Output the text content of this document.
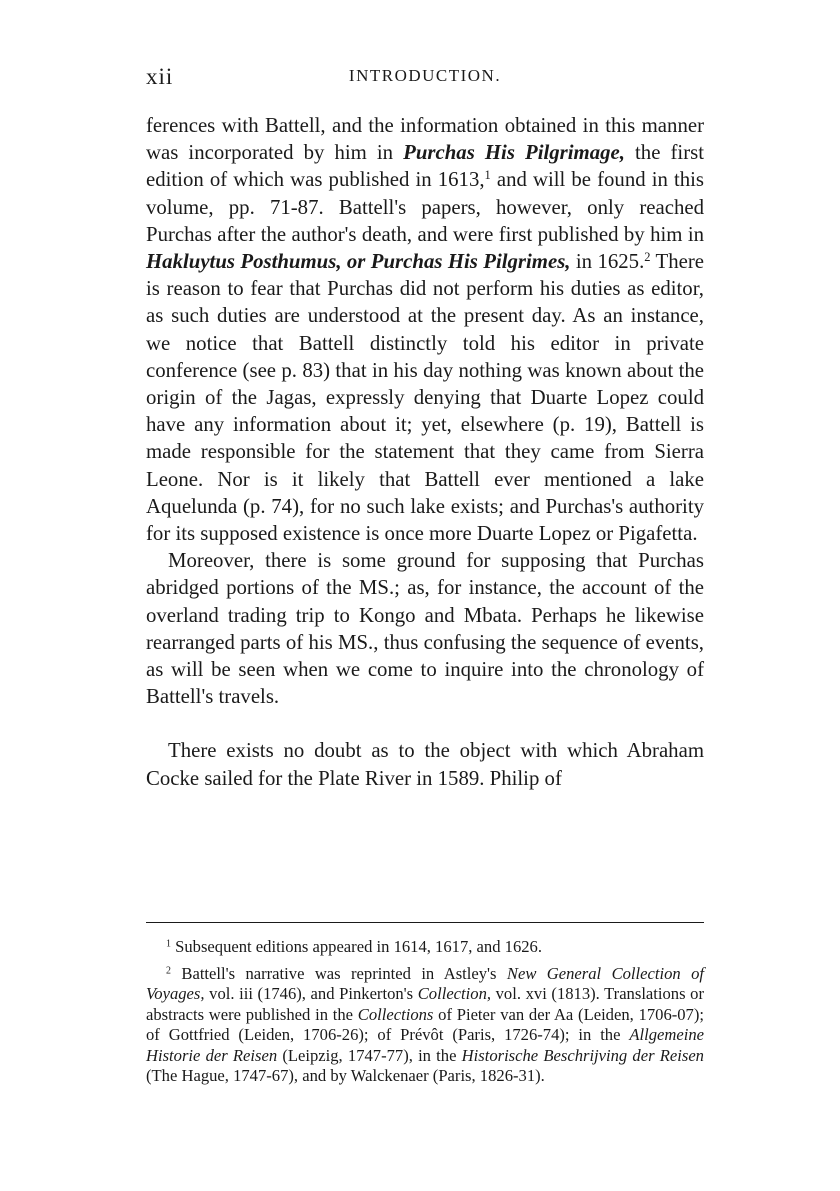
xii	INTRODUCTION.

ferences with Battell, and the information obtained in this manner was incorporated by him in Purchas His Pilgrimage, the first edition of which was published in 1613,$^1$ and will be found in this volume, pp. 71-87. Battell's papers, however, only reached Purchas after the author's death, and were first published by him in Hakluytus Posthumus, or Purchas His Pilgrimes, in 1625.$^2$ There is reason to fear that Purchas did not perform his duties as editor, as such duties are understood at the present day. As an instance, we notice that Battell distinctly told his editor in private conference (see p. 83) that in his day nothing was known about the origin of the Jagas, expressly denying that Duarte Lopez could have any information about it; yet, elsewhere (p. 19), Battell is made responsible for the statement that they came from Sierra Leone. Nor is it likely that Battell ever mentioned a lake Aquelunda (p. 74), for no such lake exists; and Purchas's authority for its supposed existence is once more Duarte Lopez or Pigafetta.

Moreover, there is some ground for supposing that Purchas abridged portions of the MS.; as, for instance, the account of the overland trading trip to Kongo and Mbata. Perhaps he likewise rearranged parts of his MS., thus confusing the sequence of events, as will be seen when we come to inquire into the chronology of Battell's travels.

There exists no doubt as to the object with which Abraham Cocke sailed for the Plate River in 1589. Philip of

$^1$ Subsequent editions appeared in 1614, 1617, and 1626.

$^2$ Battell's narrative was reprinted in Astley's New General Collection of Voyages, vol. iii (1746), and Pinkerton's Collection, vol. xvi (1813). Translations or abstracts were published in the Collections of Pieter van der Aa (Leiden, 1706-07); of Gottfried (Leiden, 1706-26); of Prévôt (Paris, 1726-74); in the Allgemeine Historie der Reisen (Leipzig, 1747-77), in the Historische Beschrijving der Reisen (The Hague, 1747-67), and by Walckenaer (Paris, 1826-31).
